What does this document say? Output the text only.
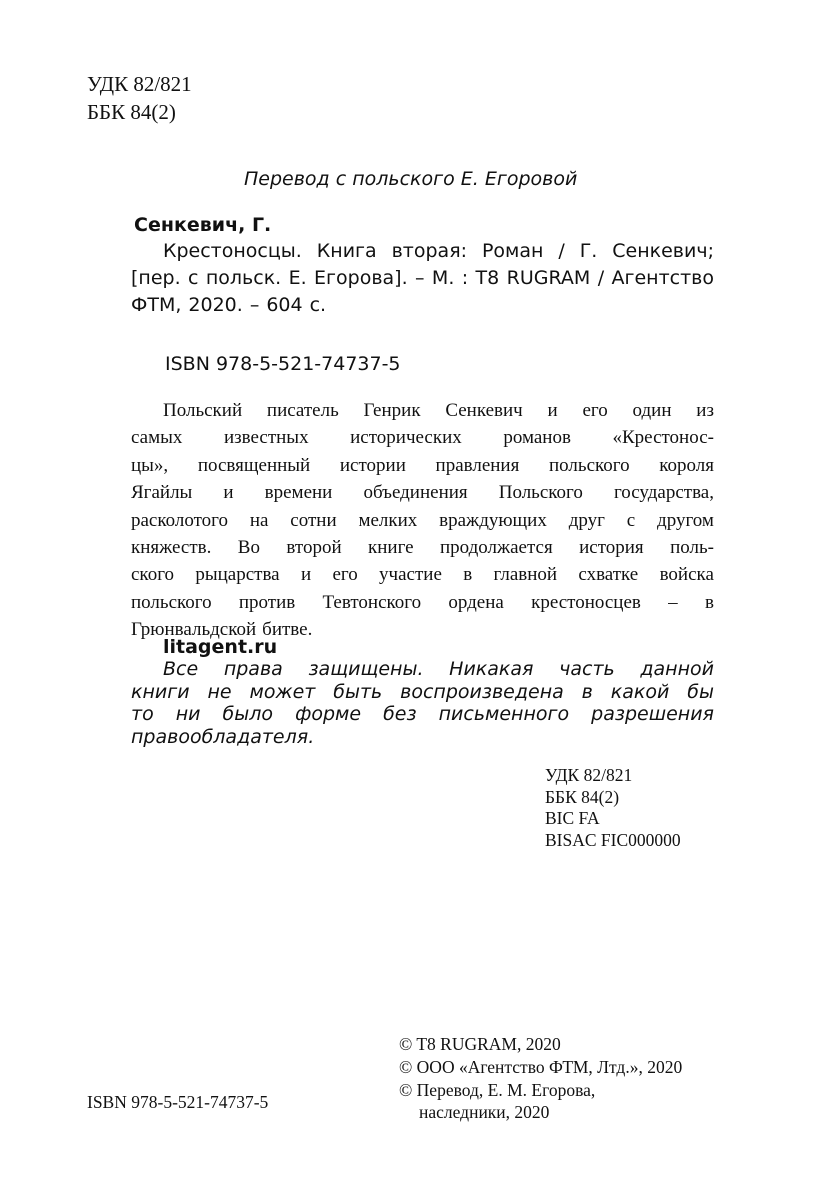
УДК 82/821
ББК 84(2)
Перевод с польского Е. Егоровой
Сенкевич, Г.
Крестоносцы. Книга вторая: Роман / Г. Сенкевич;
[пер. с польск. Е. Егорова]. – М. : T8 RUGRAM / Агентство
ФТМ, 2020. – 604 с.
ISBN 978-5-521-74737-5
Польский писатель Генрик Сенкевич и его один из
самых известных исторических романов «Крестонос-
цы», посвященный истории правления польского короля
Ягайлы и времени объединения Польского государства,
расколотого на сотни мелких враждующих друг с другом
княжеств. Во второй книге продолжается история поль-
ского рыцарства и его участие в главной схватке войска
польского против Тевтонского ордена крестоносцев – в
Грюнвальдской битве.
litagent.ru
Все права защищены. Никакая часть данной
книги не может быть воспроизведена в какой бы
то ни было форме без письменного разрешения
правообладателя.
УДК 82/821
ББК 84(2)
BIC FA
BISAC FIC000000
© T8 RUGRAM, 2020
© ООО «Агентство ФТМ, Лтд.», 2020
© Перевод, Е. М. Егорова,
наследники, 2020
ISBN 978-5-521-74737-5
